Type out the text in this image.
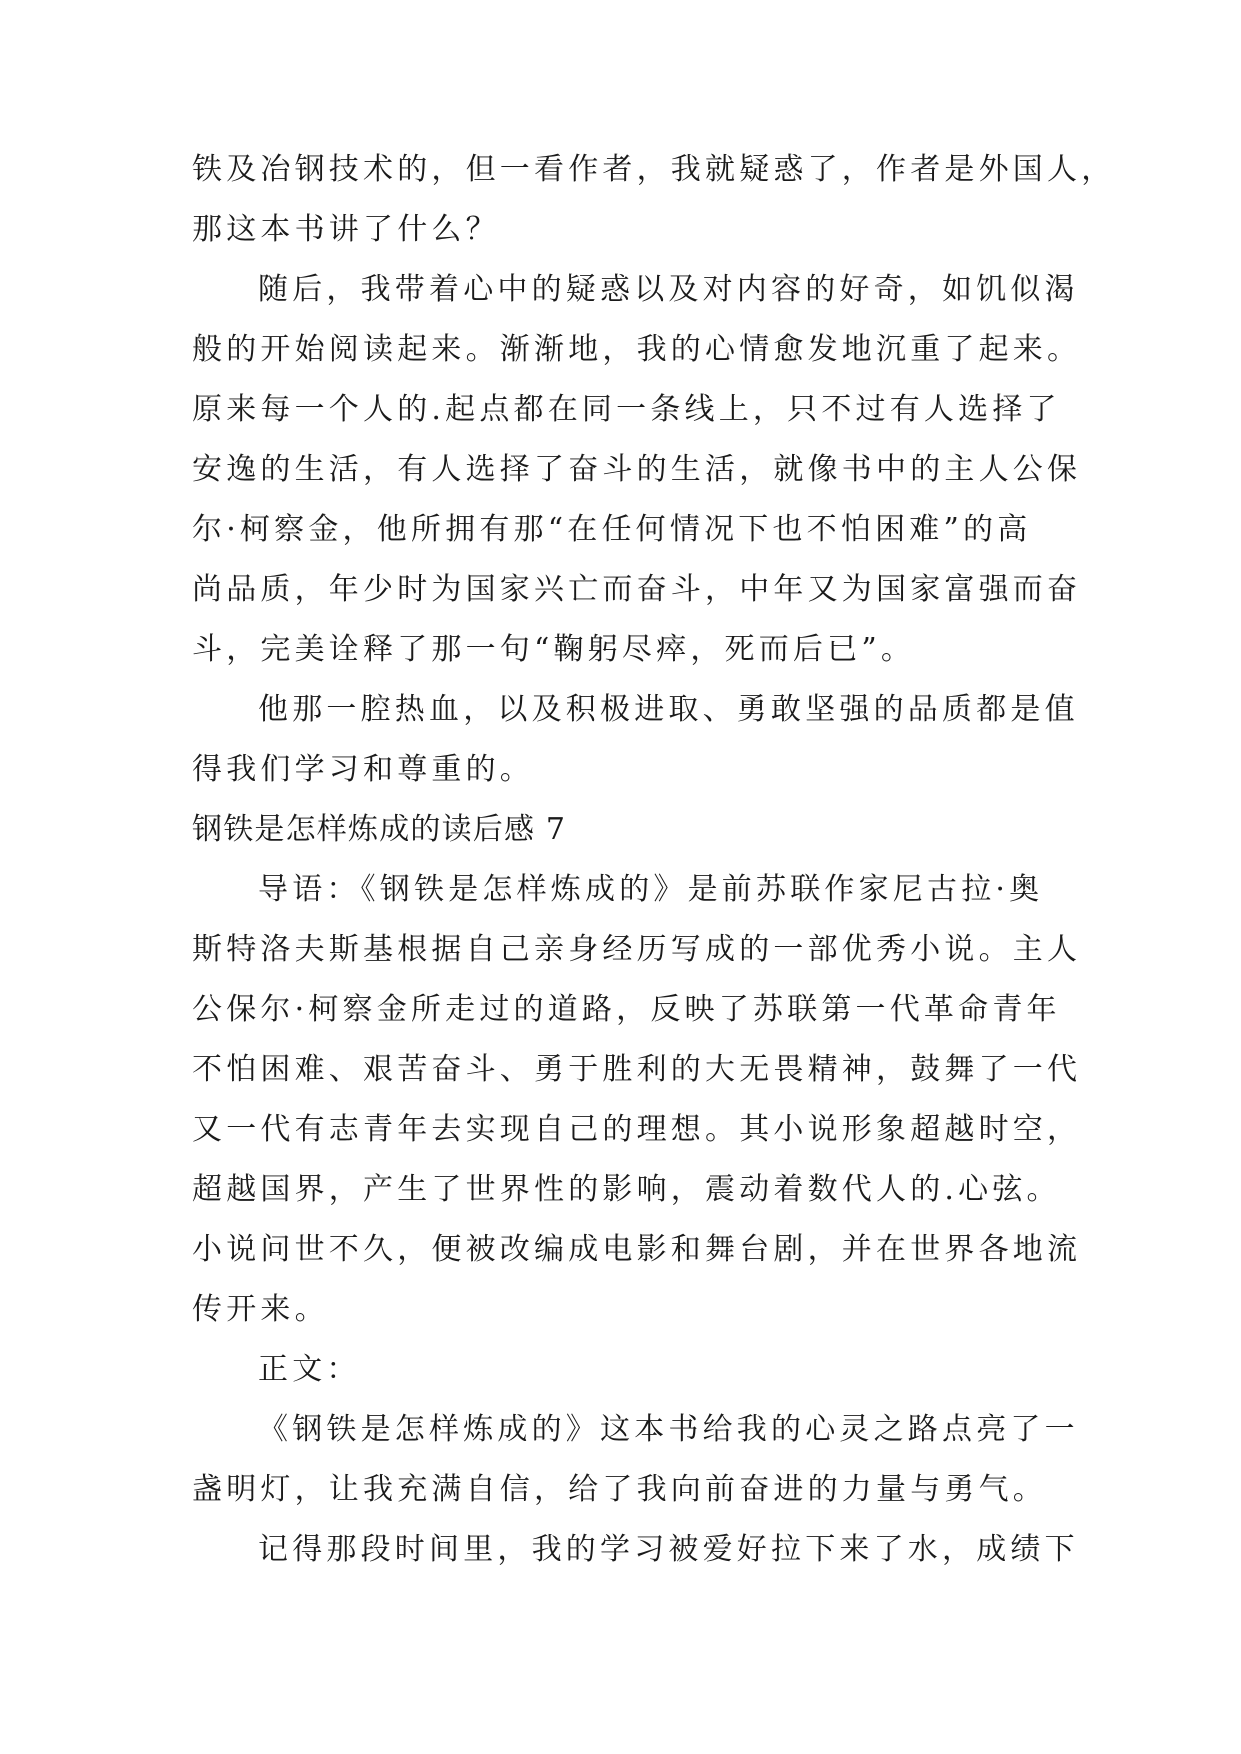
铁及冶钢技术的，但一看作者，我就疑惑了，作者是外国人，
那这本书讲了什么？
随后，我带着心中的疑惑以及对内容的好奇，如饥似渴
般的开始阅读起来。渐渐地，我的心情愈发地沉重了起来。
原来每一个人的.起点都在同一条线上，只不过有人选择了
安逸的生活，有人选择了奋斗的生活，就像书中的主人公保
尔·柯察金，他所拥有那“在任何情况下也不怕困难”的高
尚品质，年少时为国家兴亡而奋斗，中年又为国家富强而奋
斗，完美诠释了那一句“鞠躬尽瘁，死而后已”。
他那一腔热血，以及积极进取、勇敢坚强的品质都是值
得我们学习和尊重的。
钢铁是怎样炼成的读后感 7
导语：《钢铁是怎样炼成的》是前苏联作家尼古拉·奥
斯特洛夫斯基根据自己亲身经历写成的一部优秀小说。主人
公保尔·柯察金所走过的道路，反映了苏联第一代革命青年
不怕困难、艰苦奋斗、勇于胜利的大无畏精神，鼓舞了一代
又一代有志青年去实现自己的理想。其小说形象超越时空，
超越国界，产生了世界性的影响，震动着数代人的.心弦。
小说问世不久，便被改编成电影和舞台剧，并在世界各地流
传开来。
正文：
《钢铁是怎样炼成的》这本书给我的心灵之路点亮了一
盏明灯，让我充满自信，给了我向前奋进的力量与勇气。
记得那段时间里，我的学习被爱好拉下来了水，成绩下
